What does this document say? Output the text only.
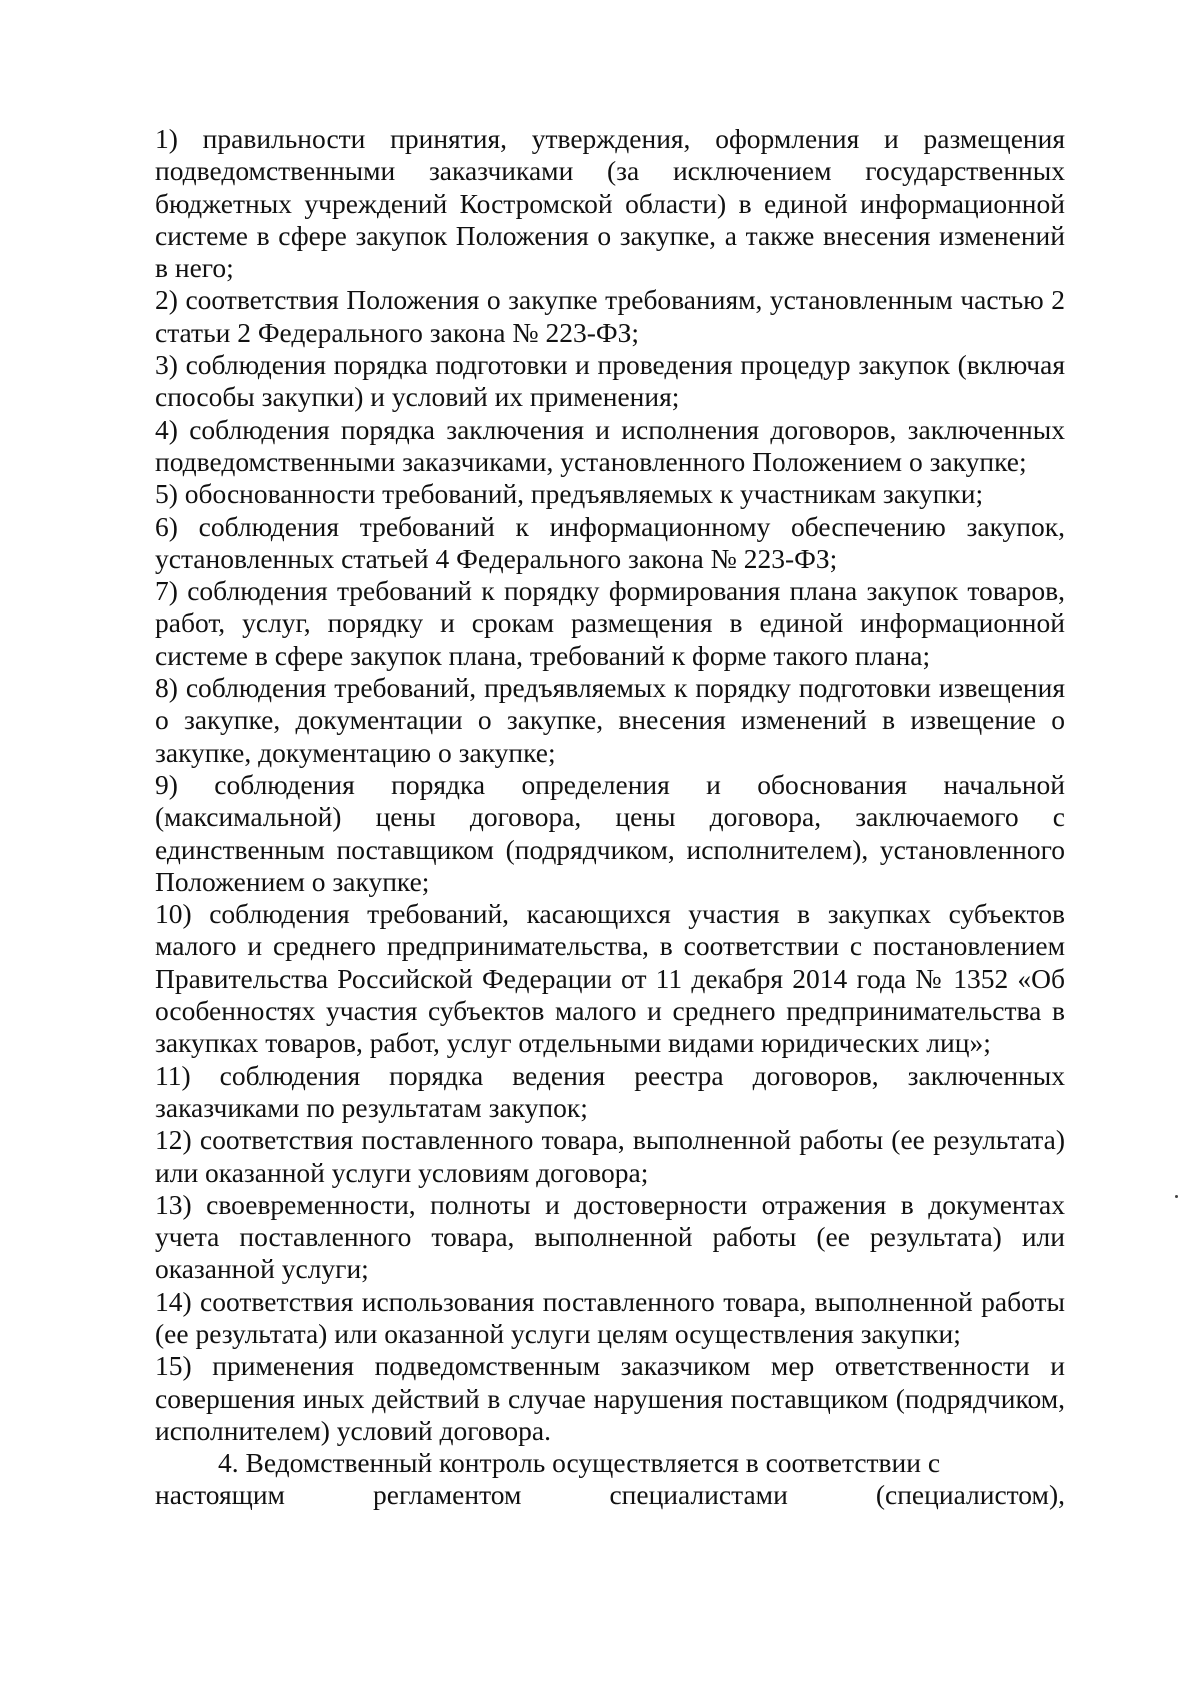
1) правильности принятия, утверждения, оформления и размещения подведомственными заказчиками (за исключением государственных бюджетных учреждений Костромской области) в единой информационной системе в сфере закупок Положения о закупке, а также внесения изменений в него;

2) соответствия Положения о закупке требованиям, установленным частью 2 статьи 2 Федерального закона № 223-ФЗ;

3) соблюдения порядка подготовки и проведения процедур закупок (включая способы закупки) и условий их применения;

4) соблюдения порядка заключения и исполнения договоров, заключенных подведомственными заказчиками, установленного Положением о закупке;

5) обоснованности требований, предъявляемых к участникам закупки;

6) соблюдения требований к информационному обеспечению закупок, установленных статьей 4 Федерального закона № 223-ФЗ;

7) соблюдения требований к порядку формирования плана закупок товаров, работ, услуг, порядку и срокам размещения в единой информационной системе в сфере закупок плана, требований к форме такого плана;

8) соблюдения требований, предъявляемых к порядку подготовки извещения о закупке, документации о закупке, внесения изменений в извещение о закупке, документацию о закупке;

9) соблюдения порядка определения и обоснования начальной (максимальной) цены договора, цены договора, заключаемого с единственным поставщиком (подрядчиком, исполнителем), установленного Положением о закупке;

10) соблюдения требований, касающихся участия в закупках субъектов малого и среднего предпринимательства, в соответствии с постановлением Правительства Российской Федерации от 11 декабря 2014 года № 1352 «Об особенностях участия субъектов малого и среднего предпринимательства в закупках товаров, работ, услуг отдельными видами юридических лиц»;

11) соблюдения порядка ведения реестра договоров, заключенных заказчиками по результатам закупок;

12) соответствия поставленного товара, выполненной работы (ее результата) или оказанной услуги условиям договора;

13) своевременности, полноты и достоверности отражения в документах учета поставленного товара, выполненной работы (ее результата) или оказанной услуги;

14) соответствия использования поставленного товара, выполненной работы (ее результата) или оказанной услуги целям осуществления закупки;

15) применения подведомственным заказчиком мер ответственности и совершения иных действий в случае нарушения поставщиком (подрядчиком, исполнителем) условий договора.

4. Ведомственный контроль осуществляется в соответствии с

настоящим	регламентом	специалистами	(специалистом),
